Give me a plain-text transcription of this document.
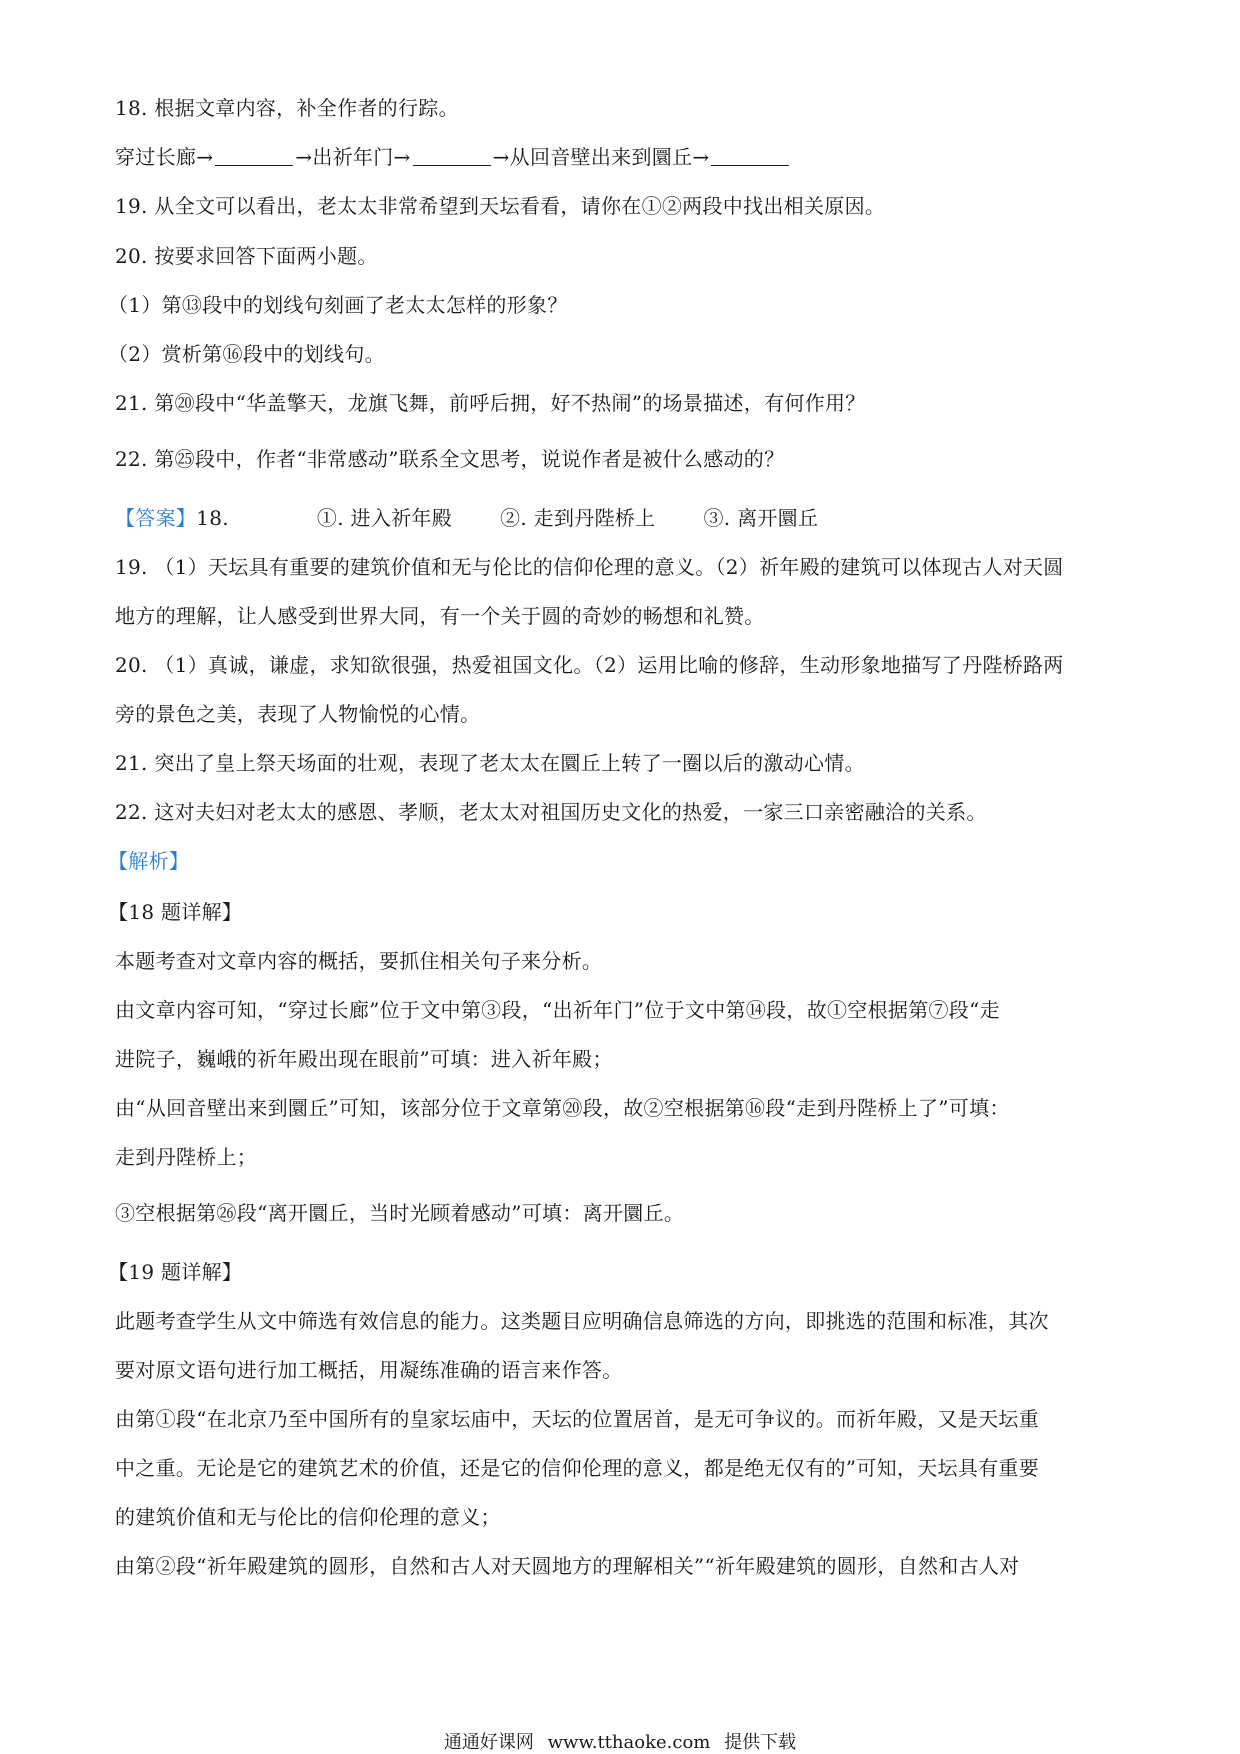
18. 根据文章内容，补全作者的行踪。
穿过长廊→	→出祈年门→	→从回音壁出来到圜丘→
19. 从全文可以看出，老太太非常希望到天坛看看，请你在①②两段中找出相关原因。
20. 按要求回答下面两小题。
（1）第⑬段中的划线句刻画了老太太怎样的形象？
（2）赏析第⑯段中的划线句。
21. 第⑳段中“华盖擎天，龙旗飞舞，前呼后拥，好不热闹”的场景描述，有何作用？
22. 第㉕段中，作者“非常感动”联系全文思考，说说作者是被什么感动的？
【答案】18.	①. 进入祈年殿 ②. 走到丹陛桥上 ③. 离开圜丘
19. （1）天坛具有重要的建筑价值和无与伦比的信仰伦理的意义。（2）祈年殿的建筑可以体现古人对天圆
地方的理解，让人感受到世界大同，有一个关于圆的奇妙的畅想和礼赞。
20. （1）真诚，谦虚，求知欲很强，热爱祖国文化。（2）运用比喻的修辞，生动形象地描写了丹陛桥路两
旁的景色之美，表现了人物愉悦的心情。
21. 突出了皇上祭天场面的壮观，表现了老太太在圜丘上转了一圈以后的激动心情。
22. 这对夫妇对老太太的感恩、孝顺，老太太对祖国历史文化的热爱，一家三口亲密融洽的关系。
【解析】
【18 题详解】
本题考查对文章内容的概括，要抓住相关句子来分析。
由文章内容可知，“穿过长廊”位于文中第③段，“出祈年门”位于文中第⑭段，故①空根据第⑦段“走
进院子，巍峨的祈年殿出现在眼前”可填：进入祈年殿；
由“从回音壁出来到圜丘”可知，该部分位于文章第⑳段，故②空根据第⑯段“走到丹陛桥上了”可填：
走到丹陛桥上；
③空根据第㉖段“离开圜丘，当时光顾着感动”可填：离开圜丘。
【19 题详解】
此题考查学生从文中筛选有效信息的能力。这类题目应明确信息筛选的方向，即挑选的范围和标准，其次
要对原文语句进行加工概括，用凝练准确的语言来作答。
由第①段“在北京乃至中国所有的皇家坛庙中，天坛的位置居首，是无可争议的。而祈年殿，又是天坛重
中之重。无论是它的建筑艺术的价值，还是它的信仰伦理的意义，都是绝无仅有的”可知，天坛具有重要
的建筑价值和无与伦比的信仰伦理的意义；
由第②段“祈年殿建筑的圆形，自然和古人对天圆地方的理解相关”“祈年殿建筑的圆形，自然和古人对
通通好课网 www.tthaoke.com 提供下载
